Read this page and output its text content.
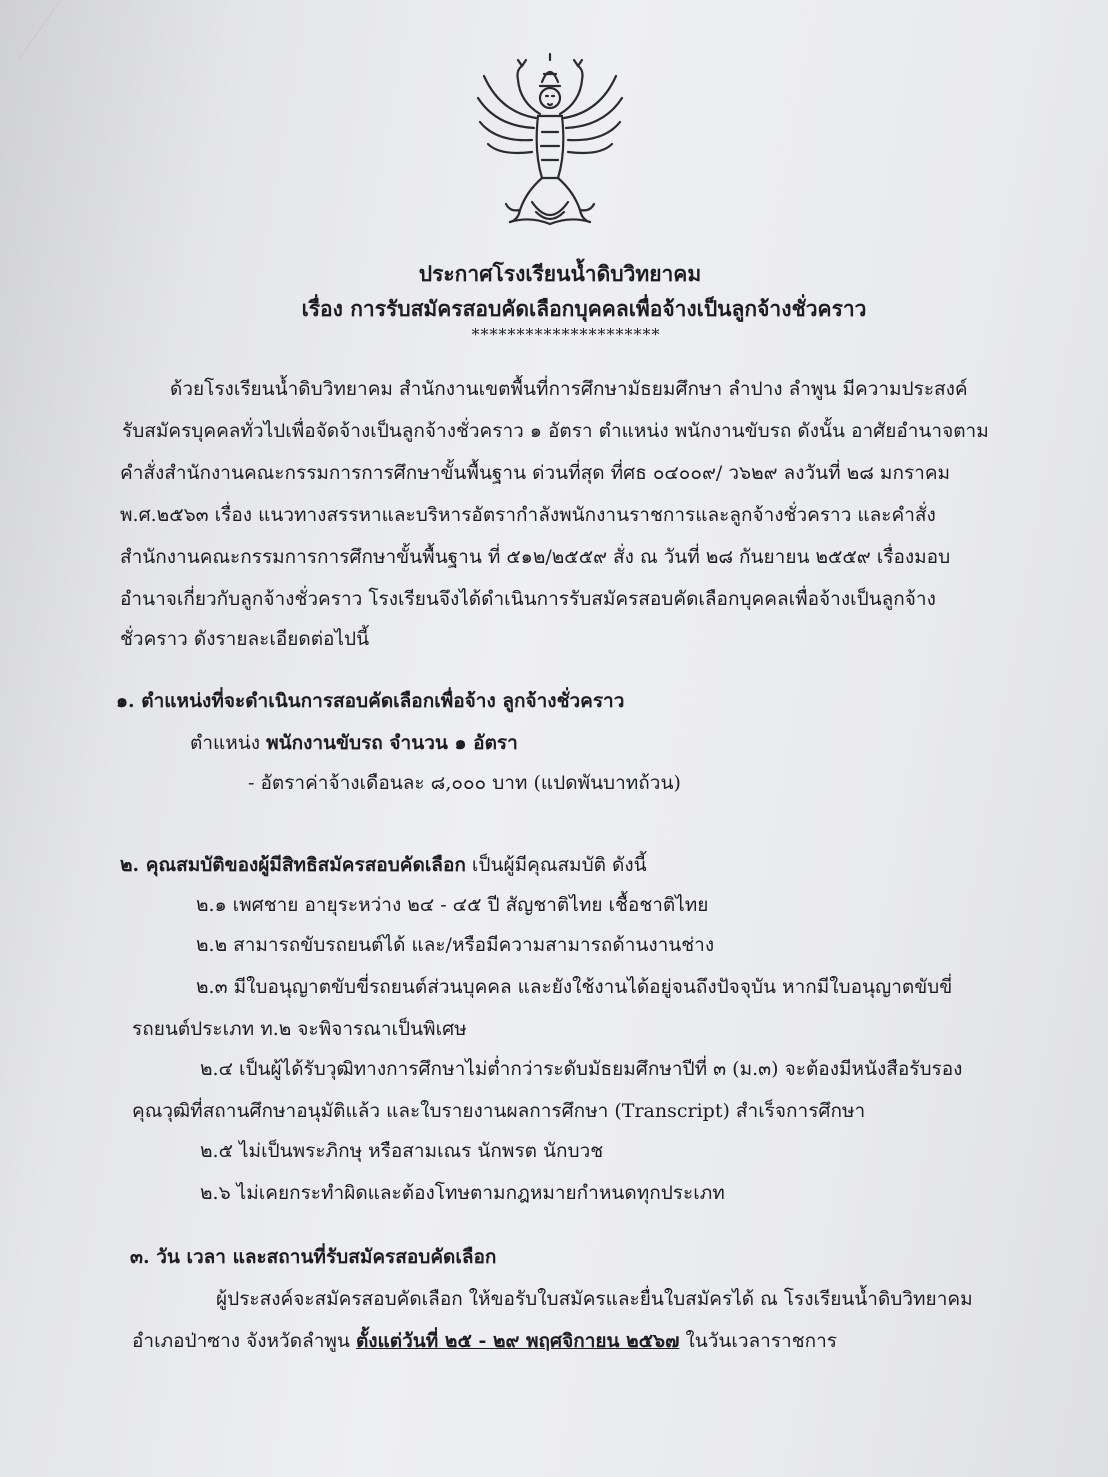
ประกาศโรงเรียนน้ำดิบวิทยาคม
เรื่อง การรับสมัครสอบคัดเลือกบุคคลเพื่อจ้างเป็นลูกจ้างชั่วคราว
*********************
ด้วยโรงเรียนน้ำดิบวิทยาคม สำนักงานเขตพื้นที่การศึกษามัธยมศึกษา ลำปาง ลำพูน มีความประสงค์
รับสมัครบุคคลทั่วไปเพื่อจัดจ้างเป็นลูกจ้างชั่วคราว ๑ อัตรา ตำแหน่ง พนักงานขับรถ ดังนั้น อาศัยอำนาจตาม
คำสั่งสำนักงานคณะกรรมการการศึกษาขั้นพื้นฐาน ด่วนที่สุด ที่ศธ ๐๔๐๐๙/ ว๖๒๙ ลงวันที่ ๒๘ มกราคม
พ.ศ.๒๕๖๓ เรื่อง แนวทางสรรหาและบริหารอัตรากำลังพนักงานราชการและลูกจ้างชั่วคราว และคำสั่ง
สำนักงานคณะกรรมการการศึกษาขั้นพื้นฐาน ที่ ๕๑๒/๒๕๕๙ สั่ง ณ วันที่ ๒๘ กันยายน ๒๕๕๙ เรื่องมอบ
อำนาจเกี่ยวกับลูกจ้างชั่วคราว โรงเรียนจึงได้ดำเนินการรับสมัครสอบคัดเลือกบุคคลเพื่อจ้างเป็นลูกจ้าง
ชั่วคราว ดังรายละเอียดต่อไปนี้
๑. ตำแหน่งที่จะดำเนินการสอบคัดเลือกเพื่อจ้าง ลูกจ้างชั่วคราว
ตำแหน่ง พนักงานขับรถ จำนวน ๑ อัตรา
- อัตราค่าจ้างเดือนละ ๘,๐๐๐ บาท (แปดพันบาทถ้วน)
๒. คุณสมบัติของผู้มีสิทธิสมัครสอบคัดเลือก เป็นผู้มีคุณสมบัติ ดังนี้
๒.๑ เพศชาย อายุระหว่าง ๒๔ - ๔๕ ปี สัญชาติไทย เชื้อชาติไทย
๒.๒ สามารถขับรถยนต์ได้ และ/หรือมีความสามารถด้านงานช่าง
๒.๓ มีใบอนุญาตขับขี่รถยนต์ส่วนบุคคล และยังใช้งานได้อยู่จนถึงปัจจุบัน หากมีใบอนุญาตขับขี่
รถยนต์ประเภท ท.๒ จะพิจารณาเป็นพิเศษ
๒.๔ เป็นผู้ได้รับวุฒิทางการศึกษาไม่ต่ำกว่าระดับมัธยมศึกษาปีที่ ๓ (ม.๓) จะต้องมีหนังสือรับรอง
คุณวุฒิที่สถานศึกษาอนุมัติแล้ว และใบรายงานผลการศึกษา (Transcript) สำเร็จการศึกษา
๒.๕ ไม่เป็นพระภิกษุ หรือสามเณร นักพรต นักบวช
๒.๖ ไม่เคยกระทำผิดและต้องโทษตามกฎหมายกำหนดทุกประเภท
๓. วัน เวลา และสถานที่รับสมัครสอบคัดเลือก
ผู้ประสงค์จะสมัครสอบคัดเลือก ให้ขอรับใบสมัครและยื่นใบสมัครได้ ณ โรงเรียนน้ำดิบวิทยาคม
อำเภอป่าซาง จังหวัดลำพูน ตั้งแต่วันที่ ๒๕ - ๒๙ พฤศจิกายน ๒๕๖๗ ในวันเวลาราชการ
